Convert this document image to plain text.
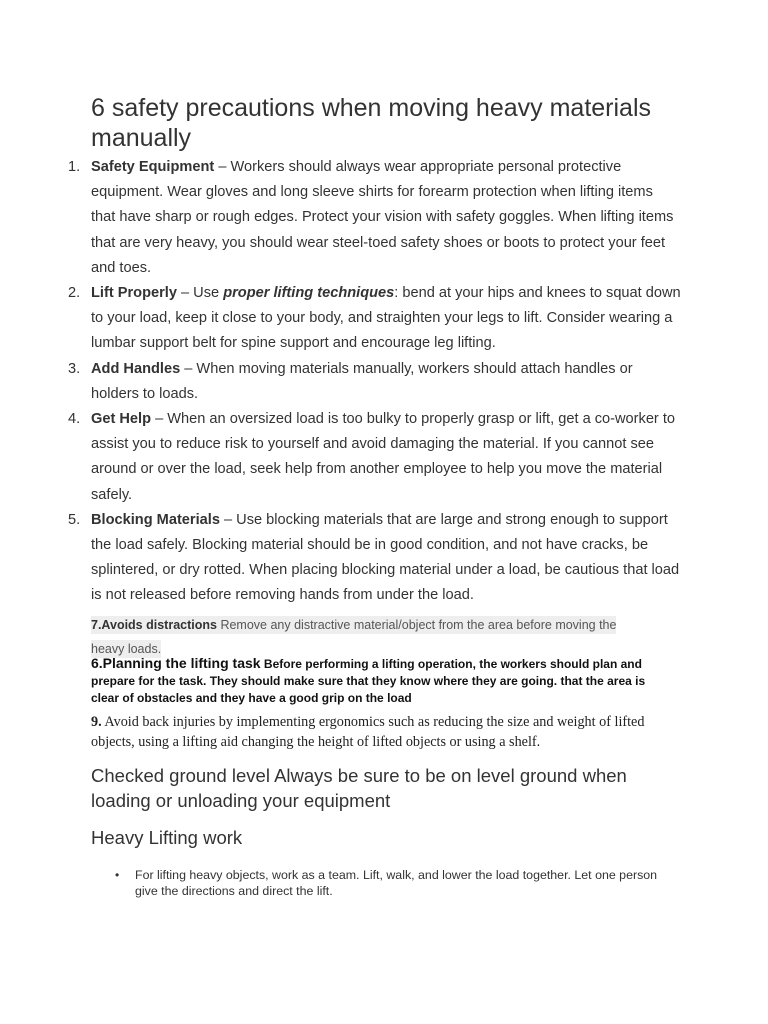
6 safety precautions when moving heavy materials manually
1. Safety Equipment – Workers should always wear appropriate personal protective equipment. Wear gloves and long sleeve shirts for forearm protection when lifting items that have sharp or rough edges. Protect your vision with safety goggles. When lifting items that are very heavy, you should wear steel-toed safety shoes or boots to protect your feet and toes.
2. Lift Properly – Use proper lifting techniques: bend at your hips and knees to squat down to your load, keep it close to your body, and straighten your legs to lift. Consider wearing a lumbar support belt for spine support and encourage leg lifting.
3. Add Handles – When moving materials manually, workers should attach handles or holders to loads.
4. Get Help – When an oversized load is too bulky to properly grasp or lift, get a co-worker to assist you to reduce risk to yourself and avoid damaging the material. If you cannot see around or over the load, seek help from another employee to help you move the material safely.
5. Blocking Materials – Use blocking materials that are large and strong enough to support the load safely. Blocking material should be in good condition, and not have cracks, be splintered, or dry rotted. When placing blocking material under a load, be cautious that load is not released before removing hands from under the load.
7.Avoids distractions Remove any distractive material/object from the area before moving the heavy loads.
6.Planning the lifting task Before performing a lifting operation, the workers should plan and prepare for the task. They should make sure that they know where they are going. that the area is clear of obstacles and they have a good grip on the load
9. Avoid back injuries by implementing ergonomics such as reducing the size and weight of lifted objects, using a lifting aid changing the height of lifted objects or using a shelf.
Checked ground level Always be sure to be on level ground when loading or unloading your equipment
Heavy Lifting work
• For lifting heavy objects, work as a team. Lift, walk, and lower the load together. Let one person give the directions and direct the lift.
